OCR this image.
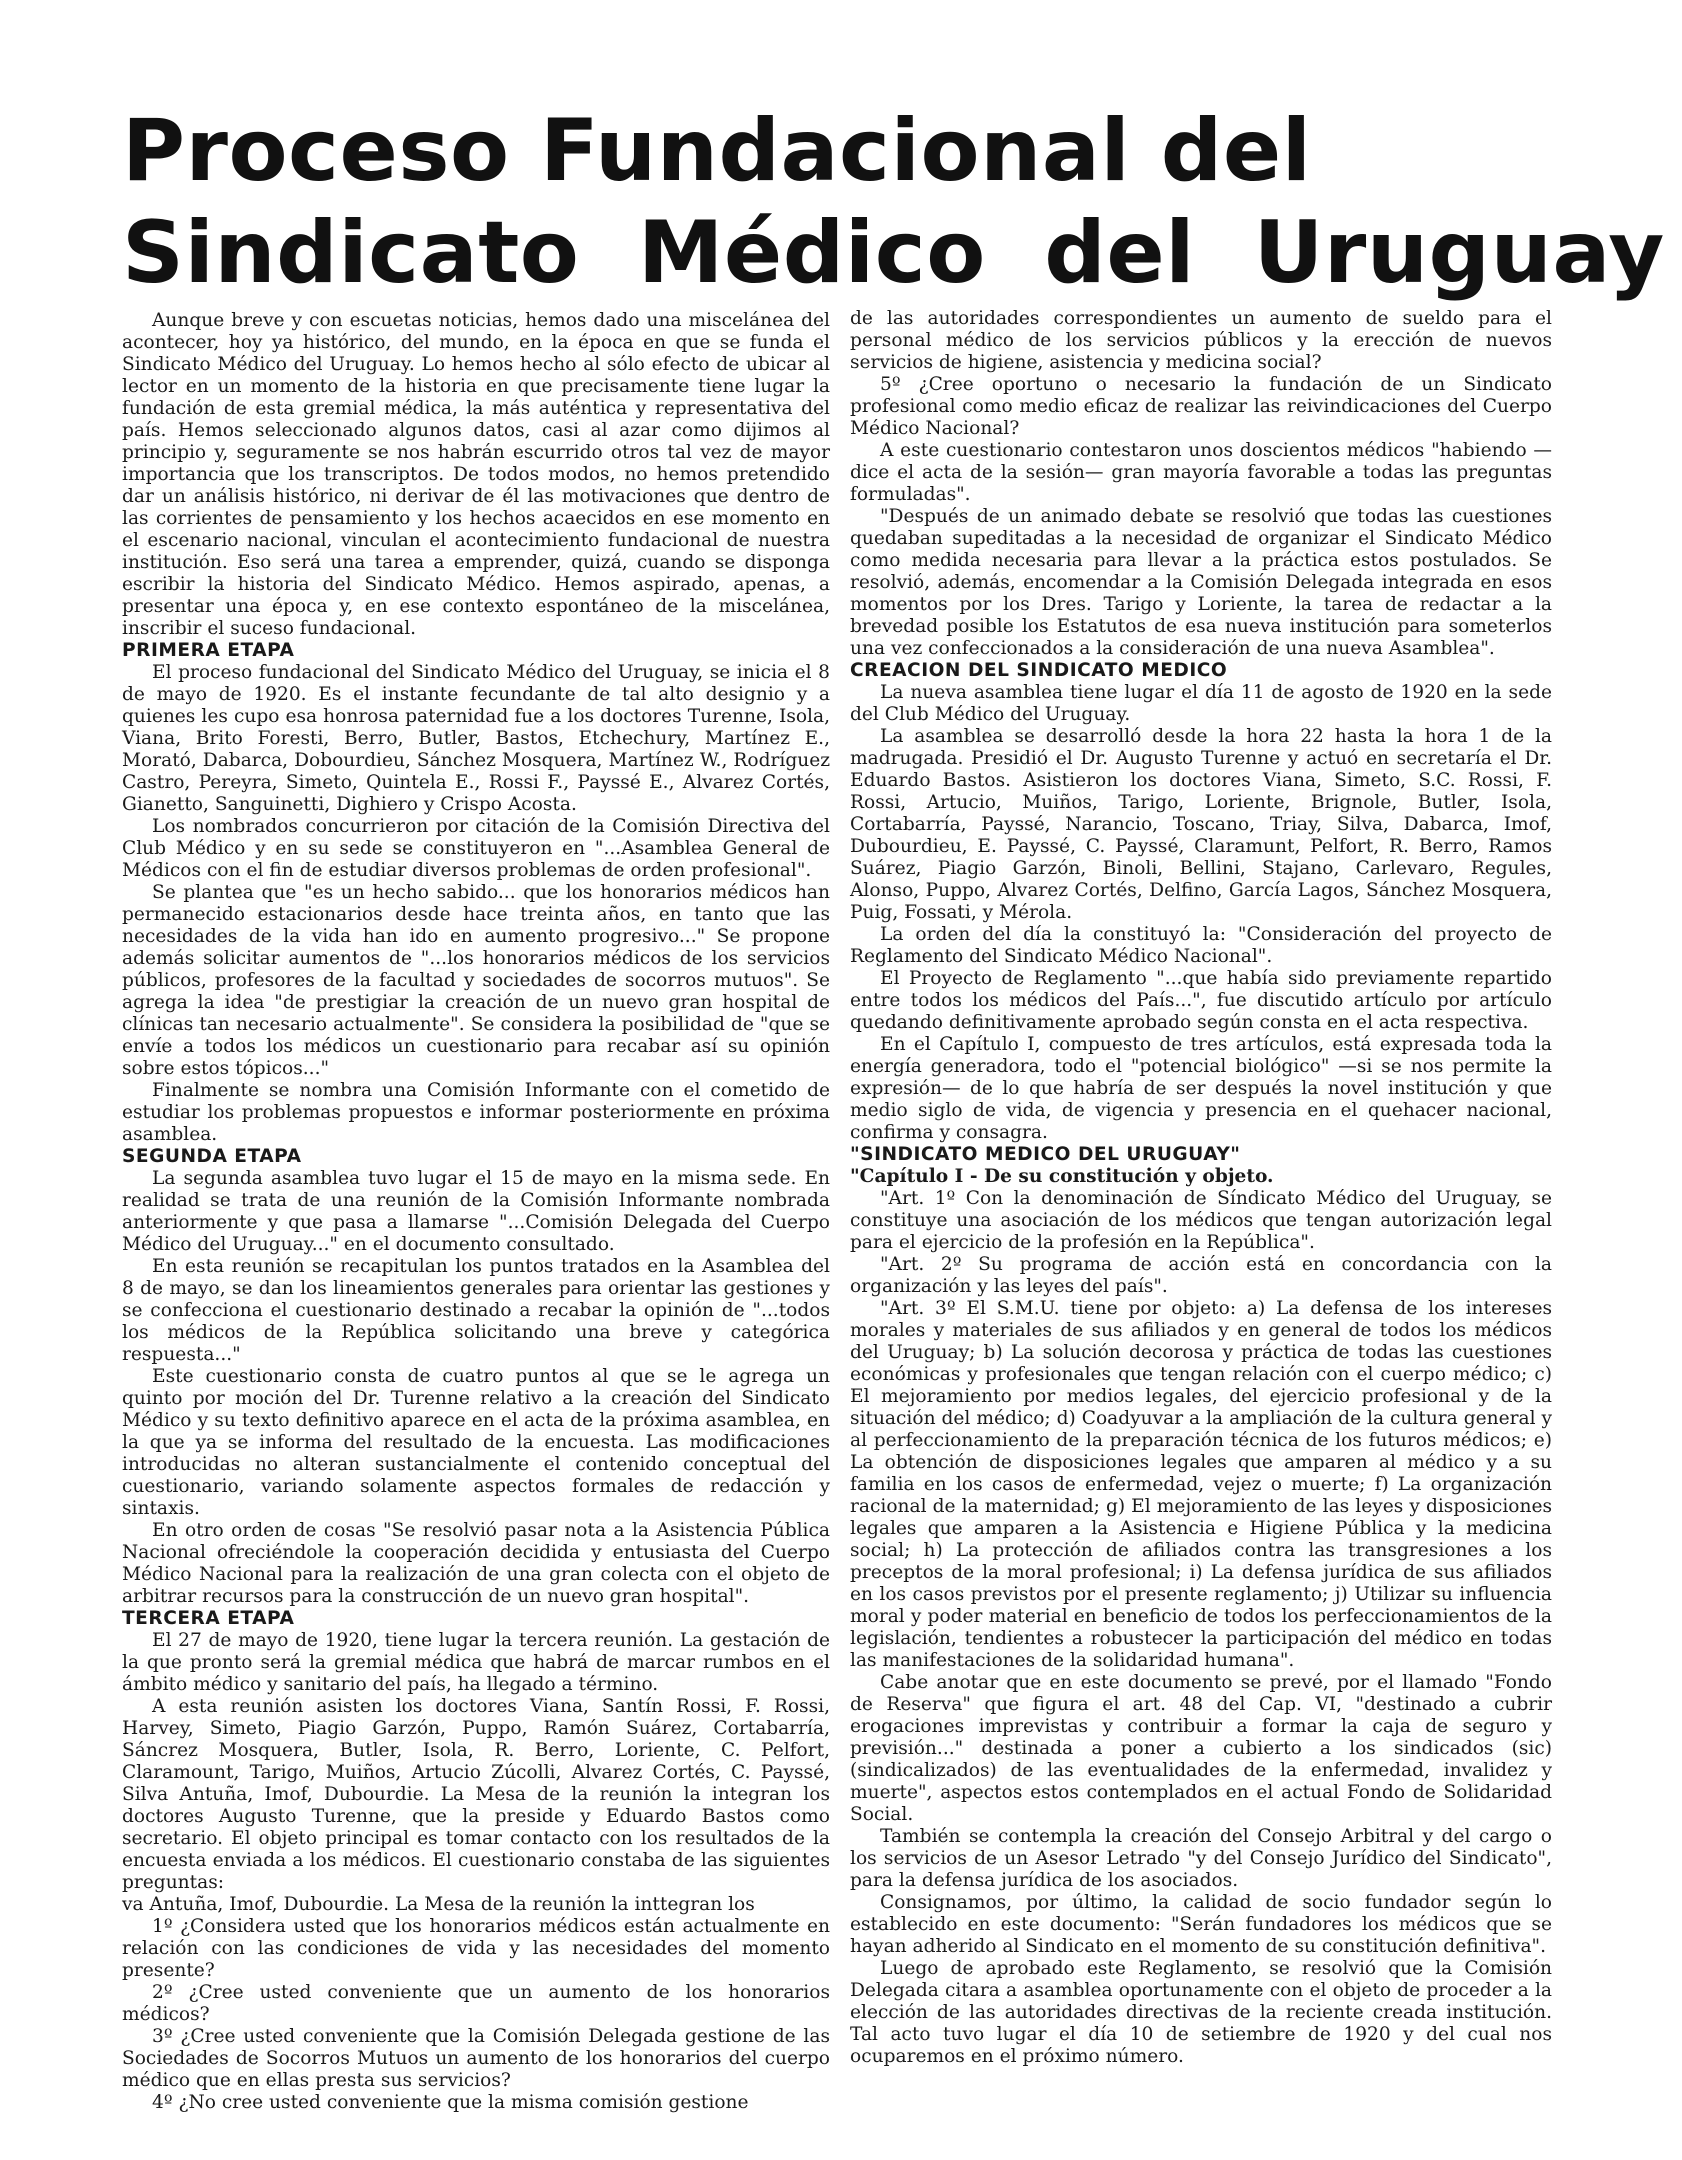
Proceso Fundacional del
Sindicato Médico del Uruguay

Aunque breve y con escuetas noticias, hemos dado una miscelánea del acontecer, hoy ya histórico, del mundo, en la época en que se funda el Sindicato Médico del Uruguay. Lo hemos hecho al sólo efecto de ubicar al lector en un momento de la historia en que precisamente tiene lugar la fundación de esta gremial médica, la más auténtica y representativa del país. Hemos seleccionado algunos datos, casi al azar como dijimos al principio y, seguramente se nos habrán escurrido otros tal vez de mayor importancia que los transcriptos. De todos modos, no hemos pretendido dar un análisis histórico, ni derivar de él las motivaciones que dentro de las corrientes de pensamiento y los hechos acaecidos en ese momento en el escenario nacional, vinculan el acontecimiento fundacional de nuestra institución. Eso será una tarea a emprender, quizá, cuando se disponga escribir la historia del Sindicato Médico. Hemos aspirado, apenas, a presentar una época y, en ese contexto espontáneo de la miscelánea, inscribir el suceso fundacional.

PRIMERA ETAPA

El proceso fundacional del Sindicato Médico del Uruguay, se inicia el 8 de mayo de 1920. Es el instante fecundante de tal alto designio y a quienes les cupo esa honrosa paternidad fue a los doctores Turenne, Isola, Viana, Brito Foresti, Berro, Butler, Bastos, Etchechury, Martínez E., Morató, Dabarca, Dobourdieu, Sánchez Mosquera, Martínez W., Rodríguez Castro, Pereyra, Simeto, Quintela E., Rossi F., Payssé E., Alvarez Cortés, Gianetto, Sanguinetti, Dighiero y Crispo Acosta.

Los nombrados concurrieron por citación de la Comisión Directiva del Club Médico y en su sede se constituyeron en "...Asamblea General de Médicos con el fin de estudiar diversos problemas de orden profesional".

Se plantea que "es un hecho sabido... que los honorarios médicos han permanecido estacionarios desde hace treinta años, en tanto que las necesidades de la vida han ido en aumento progresivo..." Se propone además solicitar aumentos de "...los honorarios médicos de los servicios públicos, profesores de la facultad y sociedades de socorros mutuos". Se agrega la idea "de prestigiar la creación de un nuevo gran hospital de clínicas tan necesario actualmente". Se considera la posibilidad de "que se envíe a todos los médicos un cuestionario para recabar así su opinión sobre estos tópicos..."

Finalmente se nombra una Comisión Informante con el cometido de estudiar los problemas propuestos e informar posteriormente en próxima asamblea.

SEGUNDA ETAPA

La segunda asamblea tuvo lugar el 15 de mayo en la misma sede. En realidad se trata de una reunión de la Comisión Informante nombrada anteriormente y que pasa a llamarse "...Comisión Delegada del Cuerpo Médico del Uruguay..." en el documento consultado.

En esta reunión se recapitulan los puntos tratados en la Asamblea del 8 de mayo, se dan los lineamientos generales para orientar las gestiones y se confecciona el cuestionario destinado a recabar la opinión de "...todos los médicos de la República solicitando una breve y categórica respuesta..."

Este cuestionario consta de cuatro puntos al que se le agrega un quinto por moción del Dr. Turenne relativo a la creación del Sindicato Médico y su texto definitivo aparece en el acta de la próxima asamblea, en la que ya se informa del resultado de la encuesta. Las modificaciones introducidas no alteran sustancialmente el contenido conceptual del cuestionario, variando solamente aspectos formales de redacción y sintaxis.

En otro orden de cosas "Se resolvió pasar nota a la Asistencia Pública Nacional ofreciéndole la cooperación decidida y entusiasta del Cuerpo Médico Nacional para la realización de una gran colecta con el objeto de arbitrar recursos para la construcción de un nuevo gran hospital".

TERCERA ETAPA

El 27 de mayo de 1920, tiene lugar la tercera reunión. La gestación de la que pronto será la gremial médica que habrá de marcar rumbos en el ámbito médico y sanitario del país, ha llegado a término.

A esta reunión asisten los doctores Viana, Santín Rossi, F. Rossi, Harvey, Simeto, Piagio Garzón, Puppo, Ramón Suárez, Cortabarría, Sáncrez Mosquera, Butler, Isola, R. Berro, Loriente, C. Pelfort, Claramount, Tarigo, Muiños, Artucio Zúcolli, Alvarez Cortés, C. Payssé, Silva Antuña, Imof, Dubourdie. La Mesa de la reunión la integran los doctores Augusto Turenne, que la preside y Eduardo Bastos como secretario. El objeto principal es tomar contacto con los resultados de la encuesta enviada a los médicos. El cuestionario constaba de las siguientes preguntas:

va Antuña, Imof, Dubourdie. La Mesa de la reunión la inttegran los

1º ¿Considera usted que los honorarios médicos están actualmente en relación con las condiciones de vida y las necesidades del momento presente?

2º ¿Cree usted conveniente que un aumento de los honorarios médicos?

3º ¿Cree usted conveniente que la Comisión Delegada gestione de las Sociedades de Socorros Mutuos un aumento de los honorarios del cuerpo médico que en ellas presta sus servicios?

4º ¿No cree usted conveniente que la misma comisión gestione

de las autoridades correspondientes un aumento de sueldo para el personal médico de los servicios públicos y la erección de nuevos servicios de higiene, asistencia y medicina social?

5º ¿Cree oportuno o necesario la fundación de un Sindicato profesional como medio eficaz de realizar las reivindicaciones del Cuerpo Médico Nacional?

A este cuestionario contestaron unos doscientos médicos "habiendo —dice el acta de la sesión— gran mayoría favorable a todas las preguntas formuladas".

"Después de un animado debate se resolvió que todas las cuestiones quedaban supeditadas a la necesidad de organizar el Sindicato Médico como medida necesaria para llevar a la práctica estos postulados. Se resolvió, además, encomendar a la Comisión Delegada integrada en esos momentos por los Dres. Tarigo y Loriente, la tarea de redactar a la brevedad posible los Estatutos de esa nueva institución para someterlos una vez confeccionados a la consideración de una nueva Asamblea".

CREACION DEL SINDICATO MEDICO

La nueva asamblea tiene lugar el día 11 de agosto de 1920 en la sede del Club Médico del Uruguay.

La asamblea se desarrolló desde la hora 22 hasta la hora 1 de la madrugada. Presidió el Dr. Augusto Turenne y actuó en secretaría el Dr. Eduardo Bastos. Asistieron los doctores Viana, Simeto, S.C. Rossi, F. Rossi, Artucio, Muiños, Tarigo, Loriente, Brignole, Butler, Isola, Cortabarría, Payssé, Narancio, Toscano, Triay, Silva, Dabarca, Imof, Dubourdieu, E. Payssé, C. Payssé, Claramunt, Pelfort, R. Berro, Ramos Suárez, Piagio Garzón, Binoli, Bellini, Stajano, Carlevaro, Regules, Alonso, Puppo, Alvarez Cortés, Delfino, García Lagos, Sánchez Mosquera, Puig, Fossati, y Mérola.

La orden del día la constituyó la: "Consideración del proyecto de Reglamento del Sindicato Médico Nacional".

El Proyecto de Reglamento "...que había sido previamente repartido entre todos los médicos del País...", fue discutido artículo por artículo quedando definitivamente aprobado según consta en el acta respectiva.

En el Capítulo I, compuesto de tres artículos, está expresada toda la energía generadora, todo el "potencial biológico" —si se nos permite la expresión— de lo que habría de ser después la novel institución y que medio siglo de vida, de vigencia y presencia en el quehacer nacional, confirma y consagra.

"SINDICATO MEDICO DEL URUGUAY"
"Capítulo I - De su constitución y objeto.

"Art. 1º Con la denominación de Síndicato Médico del Uruguay, se constituye una asociación de los médicos que tengan autorización legal para el ejercicio de la profesión en la República".

"Art. 2º Su programa de acción está en concordancia con la organización y las leyes del país".

"Art. 3º El S.M.U. tiene por objeto: a) La defensa de los intereses morales y materiales de sus afiliados y en general de todos los médicos del Uruguay; b) La solución decorosa y práctica de todas las cuestiones económicas y profesionales que tengan relación con el cuerpo médico; c) El mejoramiento por medios legales, del ejercicio profesional y de la situación del médico; d) Coadyuvar a la ampliación de la cultura general y al perfeccionamiento de la preparación técnica de los futuros médicos; e) La obtención de disposiciones legales que amparen al médico y a su familia en los casos de enfermedad, vejez o muerte; f) La organización racional de la maternidad; g) El mejoramiento de las leyes y disposiciones legales que amparen a la Asistencia e Higiene Pública y la medicina social; h) La protección de afiliados contra las transgresiones a los preceptos de la moral profesional; i) La defensa jurídica de sus afiliados en los casos previstos por el presente reglamento; j) Utilizar su influencia moral y poder material en beneficio de todos los perfeccionamientos de la legislación, tendientes a robustecer la participación del médico en todas las manifestaciones de la solidaridad humana".

Cabe anotar que en este documento se prevé, por el llamado "Fondo de Reserva" que figura el art. 48 del Cap. VI, "destinado a cubrir erogaciones imprevistas y contribuir a formar la caja de seguro y previsión..." destinada a poner a cubierto a los sindicados (sic) (sindicalizados) de las eventualidades de la enfermedad, invalidez y muerte", aspectos estos contemplados en el actual Fondo de Solidaridad Social.

También se contempla la creación del Consejo Arbitral y del cargo o los servicios de un Asesor Letrado "y del Consejo Jurídico del Sindicato", para la defensa jurídica de los asociados.

Consignamos, por último, la calidad de socio fundador según lo establecido en este documento: "Serán fundadores los médicos que se hayan adherido al Sindicato en el momento de su constitución definitiva".

Luego de aprobado este Reglamento, se resolvió que la Comisión Delegada citara a asamblea oportunamente con el objeto de proceder a la elección de las autoridades directivas de la reciente creada institución. Tal acto tuvo lugar el día 10 de setiembre de 1920 y del cual nos ocuparemos en el próximo número.
